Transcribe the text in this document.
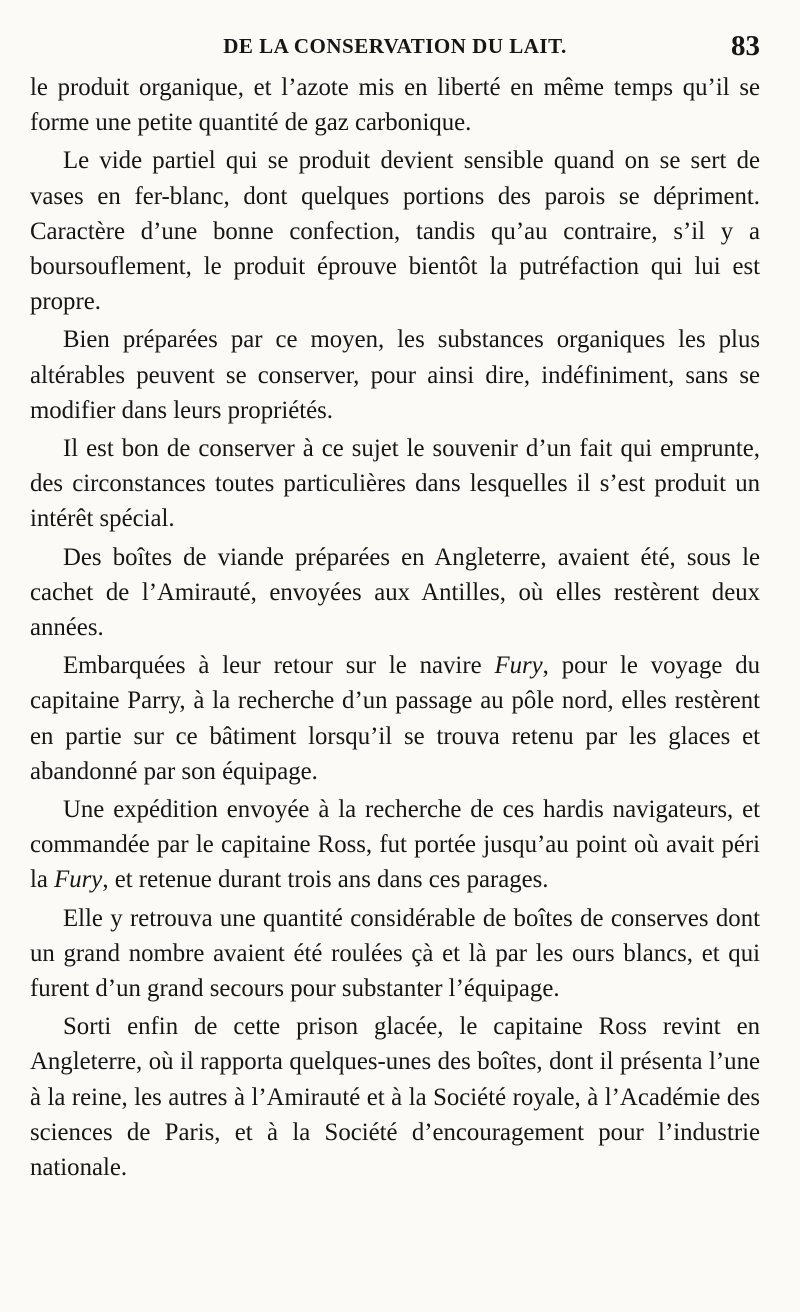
DE LA CONSERVATION DU LAIT.	83

le produit organique, et l’azote mis en liberté en même temps qu’il se forme une petite quantité de gaz carbonique.

Le vide partiel qui se produit devient sensible quand on se sert de vases en fer-blanc, dont quelques portions des parois se dépriment. Caractère d’une bonne confection, tandis qu’au contraire, s’il y a boursouflement, le produit éprouve bientôt la putréfaction qui lui est propre.

Bien préparées par ce moyen, les substances organiques les plus altérables peuvent se conserver, pour ainsi dire, indéfiniment, sans se modifier dans leurs propriétés.

Il est bon de conserver à ce sujet le souvenir d’un fait qui emprunte, des circonstances toutes particulières dans lesquelles il s’est produit un intérêt spécial.

Des boîtes de viande préparées en Angleterre, avaient été, sous le cachet de l’Amirauté, envoyées aux Antilles, où elles restèrent deux années.

Embarquées à leur retour sur le navire Fury, pour le voyage du capitaine Parry, à la recherche d’un passage au pôle nord, elles restèrent en partie sur ce bâtiment lorsqu’il se trouva retenu par les glaces et abandonné par son équipage.

Une expédition envoyée à la recherche de ces hardis navigateurs, et commandée par le capitaine Ross, fut portée jusqu’au point où avait péri la Fury, et retenue durant trois ans dans ces parages.

Elle y retrouva une quantité considérable de boîtes de conserves dont un grand nombre avaient été roulées çà et là par les ours blancs, et qui furent d’un grand secours pour substanter l’équipage.

Sorti enfin de cette prison glacée, le capitaine Ross revint en Angleterre, où il rapporta quelques-unes des boîtes, dont il présenta l’une à la reine, les autres à l’Amirauté et à la Société royale, à l’Académie des sciences de Paris, et à la Société d’encouragement pour l’industrie nationale.
